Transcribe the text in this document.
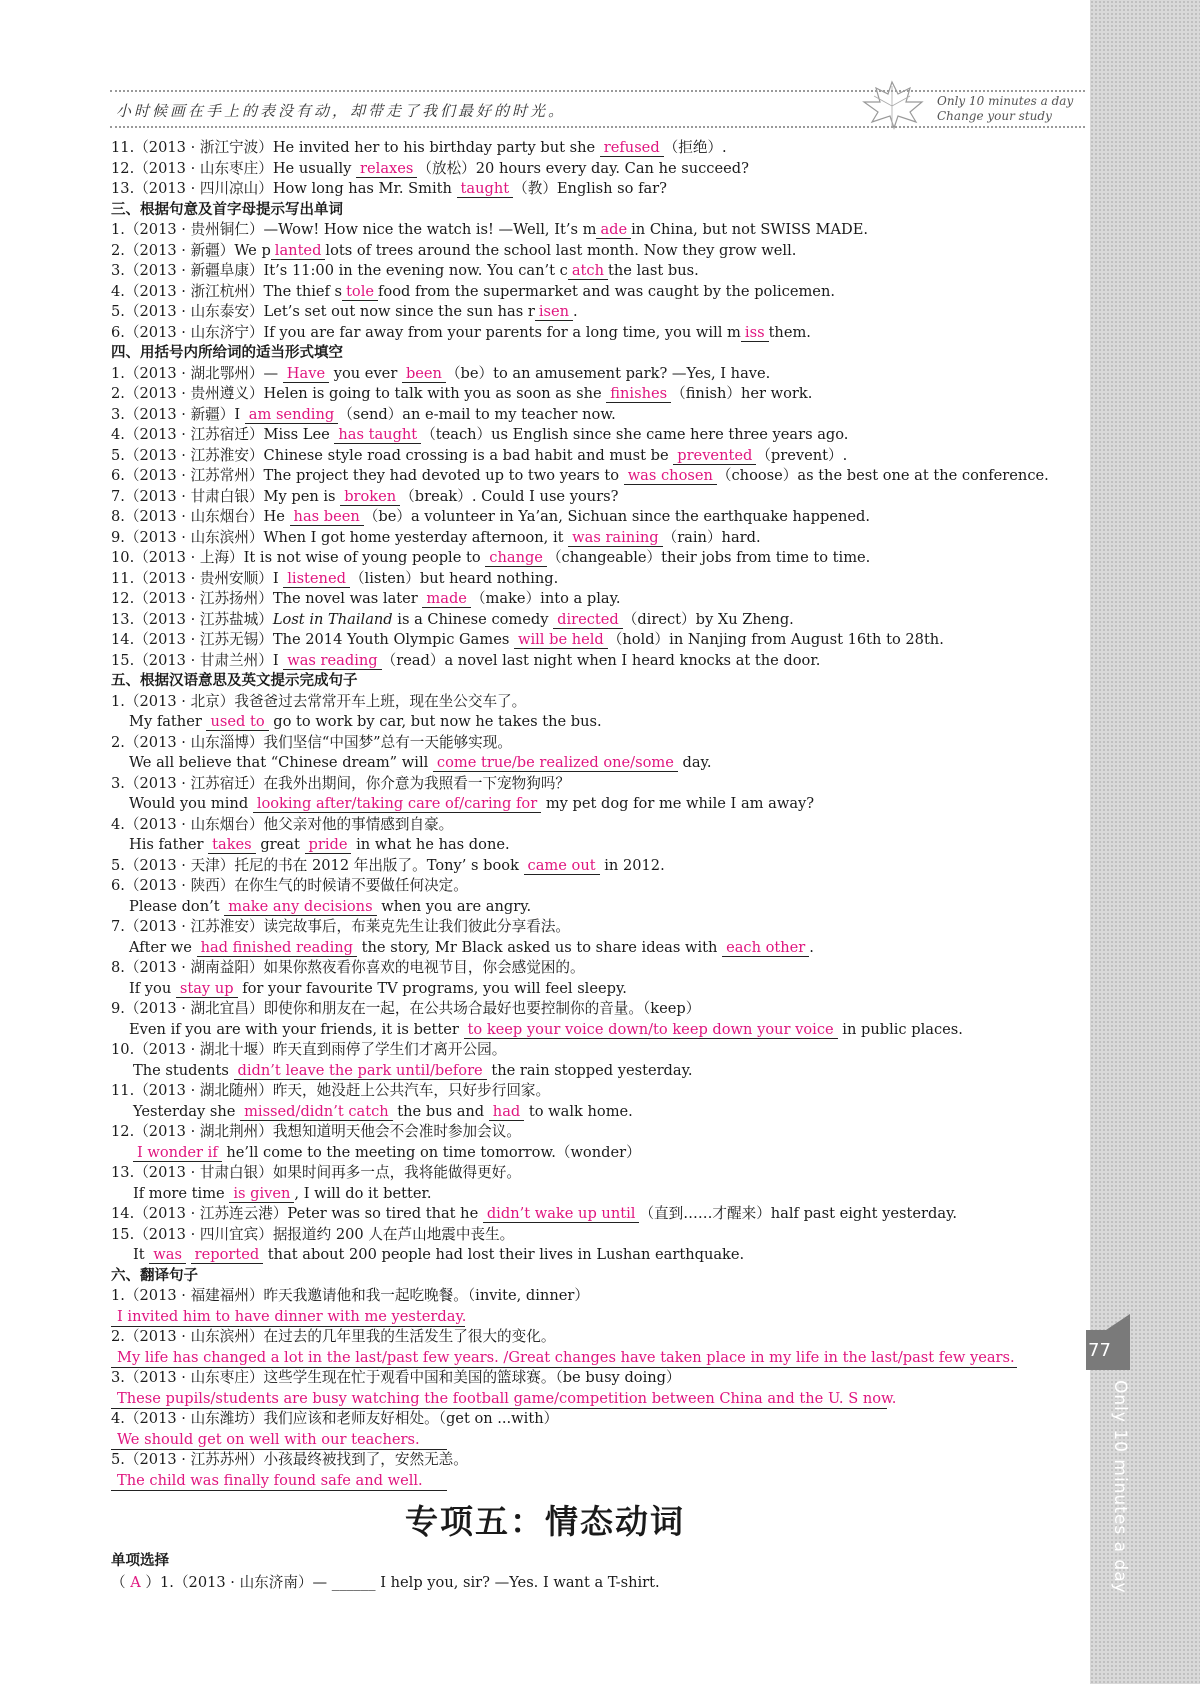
77
Only 10 minutes a day
小时候画在手上的表没有动，却带走了我们最好的时光。
Only 10 minutes a day
Change your study
11.（2013 · 浙江宁波）He invited her to his birthday party but she refused （拒绝）.
12.（2013 · 山东枣庄）He usually relaxes （放松）20 hours every day. Can he succeed?
13.（2013 · 四川凉山）How long has Mr. Smith taught （教）English so far?
三、根据句意及首字母提示写出单词
1.（2013 · 贵州铜仁）—Wow! How nice the watch is! —Well, It’s m ade in China, but not SWISS MADE.
2.（2013 · 新疆）We p lanted lots of trees around the school last month. Now they grow well.
3.（2013 · 新疆阜康）It’s 11:00 in the evening now. You can’t c atch the last bus.
4.（2013 · 浙江杭州）The thief s tole food from the supermarket and was caught by the policemen.
5.（2013 · 山东泰安）Let’s set out now since the sun has r isen .
6.（2013 · 山东济宁）If you are far away from your parents for a long time, you will m iss them.
四、用括号内所给词的适当形式填空
1.（2013 · 湖北鄂州）— Have you ever been （be）to an amusement park? —Yes, I have.
2.（2013 · 贵州遵义）Helen is going to talk with you as soon as she finishes （finish）her work.
3.（2013 · 新疆）I am sending （send）an e-mail to my teacher now.
4.（2013 · 江苏宿迁）Miss Lee has taught （teach）us English since she came here three years ago.
5.（2013 · 江苏淮安）Chinese style road crossing is a bad habit and must be prevented （prevent）.
6.（2013 · 江苏常州）The project they had devoted up to two years to was chosen （choose）as the best one at the conference.
7.（2013 · 甘肃白银）My pen is broken （break）. Could I use yours?
8.（2013 · 山东烟台）He has been （be）a volunteer in Ya’an, Sichuan since the earthquake happened.
9.（2013 · 山东滨州）When I got home yesterday afternoon, it was raining （rain）hard.
10.（2013 · 上海）It is not wise of young people to change （changeable）their jobs from time to time.
11.（2013 · 贵州安顺）I listened （listen）but heard nothing.
12.（2013 · 江苏扬州）The novel was later made （make）into a play.
13.（2013 · 江苏盐城）Lost in Thailand is a Chinese comedy directed （direct）by Xu Zheng.
14.（2013 · 江苏无锡）The 2014 Youth Olympic Games will be held （hold）in Nanjing from August 16th to 28th.
15.（2013 · 甘肃兰州）I was reading （read）a novel last night when I heard knocks at the door.
五、根据汉语意思及英文提示完成句子
1.（2013 · 北京）我爸爸过去常常开车上班，现在坐公交车了。
My father used to go to work by car, but now he takes the bus.
2.（2013 · 山东淄博）我们坚信“中国梦”总有一天能够实现。
We all believe that “Chinese dream” will come true/be realized one/some day.
3.（2013 · 江苏宿迁）在我外出期间，你介意为我照看一下宠物狗吗？
Would you mind looking after/taking care of/caring for my pet dog for me while I am away?
4.（2013 · 山东烟台）他父亲对他的事情感到自豪。
His father takes great pride in what he has done.
5.（2013 · 天津）托尼的书在 2012 年出版了。Tony’ s book came out in 2012.
6.（2013 · 陕西）在你生气的时候请不要做任何决定。
Please don’t make any decisions when you are angry.
7.（2013 · 江苏淮安）读完故事后，布莱克先生让我们彼此分享看法。
After we had finished reading the story, Mr Black asked us to share ideas with each other .
8.（2013 · 湖南益阳）如果你熬夜看你喜欢的电视节目，你会感觉困的。
If you stay up for your favourite TV programs, you will feel sleepy.
9.（2013 · 湖北宜昌）即使你和朋友在一起，在公共场合最好也要控制你的音量。（keep）
Even if you are with your friends, it is better to keep your voice down/to keep down your voice in public places.
10.（2013 · 湖北十堰）昨天直到雨停了学生们才离开公园。
The students didn’t leave the park until/before the rain stopped yesterday.
11.（2013 · 湖北随州）昨天，她没赶上公共汽车，只好步行回家。
Yesterday she missed/didn’t catch the bus and had to walk home.
12.（2013 · 湖北荆州）我想知道明天他会不会准时参加会议。
I wonder if he’ll come to the meeting on time tomorrow.（wonder）
13.（2013 · 甘肃白银）如果时间再多一点，我将能做得更好。
If more time is given , I will do it better.
14.（2013 · 江苏连云港）Peter was so tired that he didn’t wake up until （直到……才醒来）half past eight yesterday.
15.（2013 · 四川宜宾）据报道约 200 人在芦山地震中丧生。
It was reported that about 200 people had lost their lives in Lushan earthquake.
六、翻译句子
1.（2013 · 福建福州）昨天我邀请他和我一起吃晚餐。（invite, dinner）
I invited him to have dinner with me yesterday.
2.（2013 · 山东滨州）在过去的几年里我的生活发生了很大的变化。
My life has changed a lot in the last/past few years. /Great changes have taken place in my life in the last/past few years.
3.（2013 · 山东枣庄）这些学生现在忙于观看中国和美国的篮球赛。（be busy doing）
These pupils/students are busy watching the football game/competition between China and the U. S now.
4.（2013 · 山东潍坊）我们应该和老师友好相处。（get on ...with）
We should get on well with our teachers.
5.（2013 · 江苏苏州）小孩最终被找到了，安然无恙。
The child was finally found safe and well.
专项五：情态动词
单项选择
（ A ）1.（2013 · 山东济南）— ______ I help you, sir? —Yes. I want a T-shirt.
